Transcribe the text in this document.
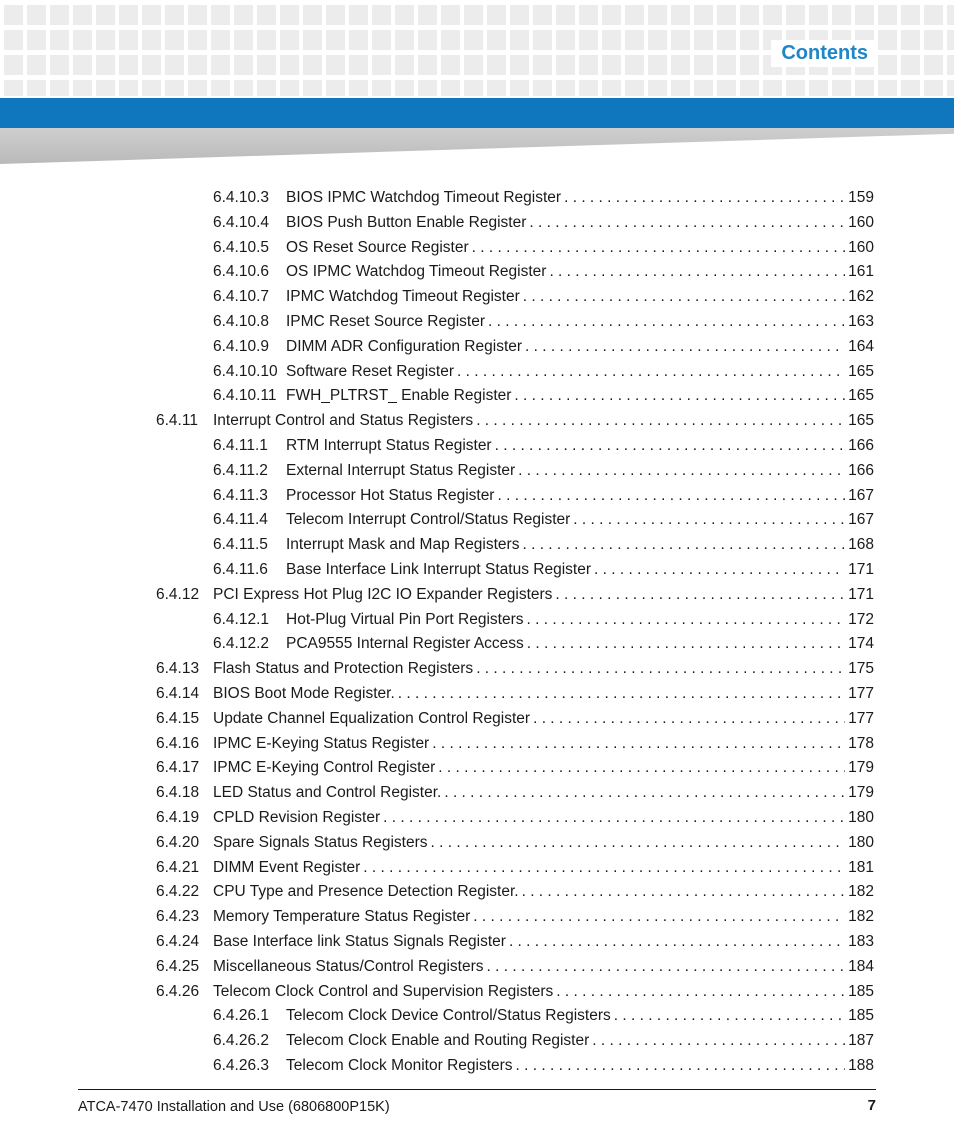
Contents
6.4.10.3	BIOS IPMC Watchdog Timeout Register . . .	159
6.4.10.4	BIOS Push Button Enable Register . . .	160
6.4.10.5	OS Reset Source Register . . .	160
6.4.10.6	OS IPMC Watchdog Timeout Register . . .	161
6.4.10.7	IPMC Watchdog Timeout Register . . .	162
6.4.10.8	IPMC Reset Source Register . . .	163
6.4.10.9	DIMM ADR Configuration Register . . .	164
6.4.10.10 Software Reset Register . . .	165
6.4.10.11 FWH_PLTRST_ Enable Register . . .	165
6.4.11 Interrupt Control and Status Registers . . .	165
6.4.11.1	RTM Interrupt Status Register . . .	166
6.4.11.2	External Interrupt Status Register . . .	166
6.4.11.3	Processor Hot Status Register . . .	167
6.4.11.4	Telecom Interrupt Control/Status Register . . .	167
6.4.11.5	Interrupt Mask and Map Registers . . .	168
6.4.11.6	Base Interface Link Interrupt Status Register . . .	171
6.4.12 PCI Express Hot Plug I2C IO Expander Registers . . .	171
6.4.12.1	Hot-Plug Virtual Pin Port Registers . . .	172
6.4.12.2	PCA9555 Internal Register Access . . .	174
6.4.13 Flash Status and Protection Registers . . .	175
6.4.14 BIOS Boot Mode Register. . . .	177
6.4.15 Update Channel Equalization Control Register . . .	177
6.4.16 IPMC E-Keying Status Register . . .	178
6.4.17 IPMC E-Keying Control Register . . .	179
6.4.18 LED Status and Control Register. . . .	179
6.4.19 CPLD Revision Register . . .	180
6.4.20 Spare Signals Status Registers . . .	180
6.4.21 DIMM Event Register . . .	181
6.4.22 CPU Type and Presence Detection Register. . . .	182
6.4.23 Memory Temperature Status Register . . .	182
6.4.24 Base Interface link Status Signals Register . . .	183
6.4.25 Miscellaneous Status/Control Registers . . .	184
6.4.26 Telecom Clock Control and Supervision Registers . . .	185
6.4.26.1	Telecom Clock Device Control/Status Registers . . .	185
6.4.26.2	Telecom Clock Enable and Routing Register . . .	187
6.4.26.3	Telecom Clock Monitor Registers . . .	188
ATCA-7470 Installation and Use (6806800P15K)	7
